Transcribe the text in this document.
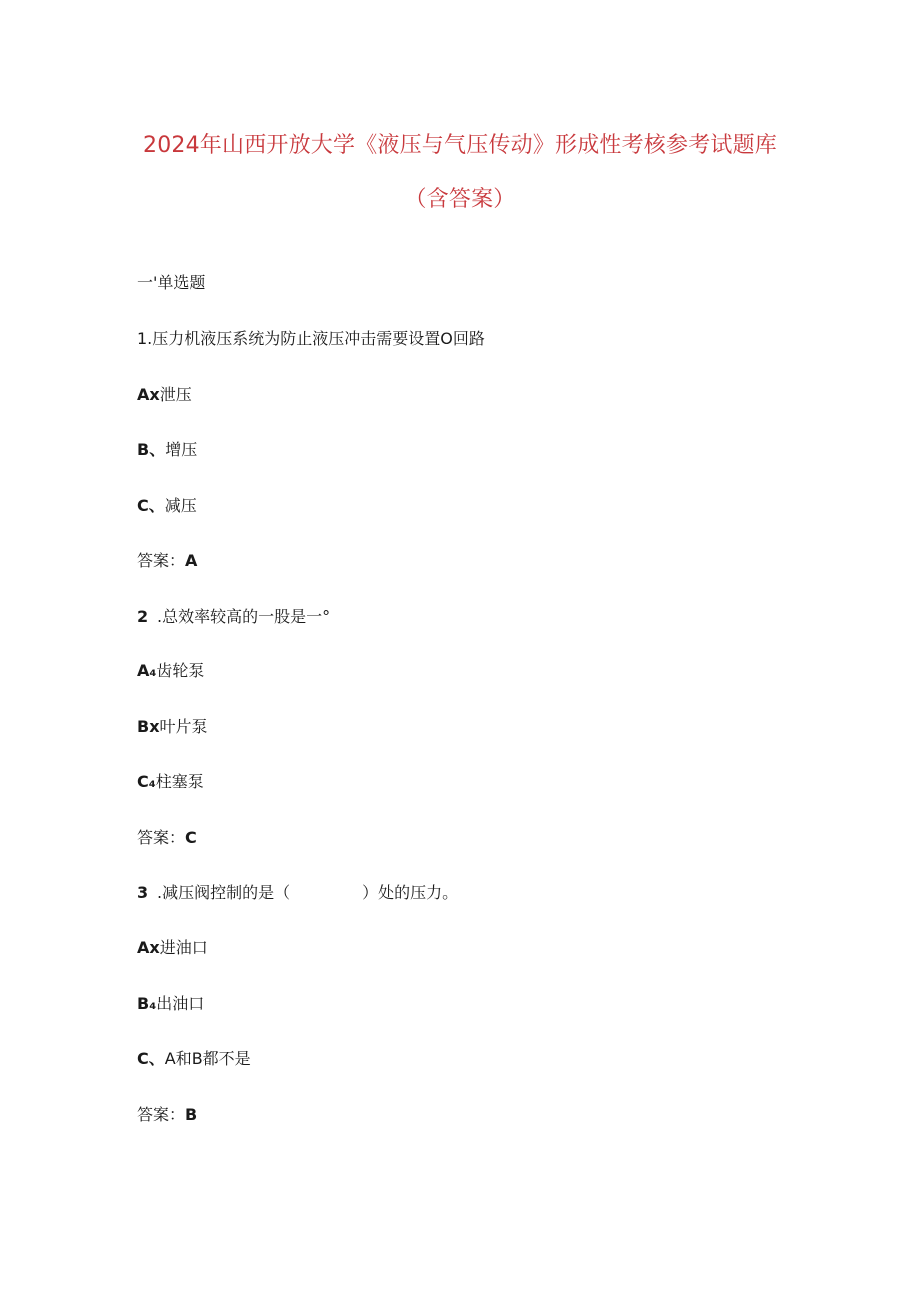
2024年山西开放大学《液压与气压传动》形成性考核参考试题库
（含答案）
一'单选题
1.压力机液压系统为防止液压冲击需要设置O回路
Ax泄压
B、增压
C、减压
答案：A
2 .总效率较高的一股是一°
A₄齿轮泵
Bx叶片泵
C₄柱塞泵
答案：C
3 .减压阀控制的是（	）处的压力。
Ax进油口
B₄出油口
C、A和B都不是
答案：B
